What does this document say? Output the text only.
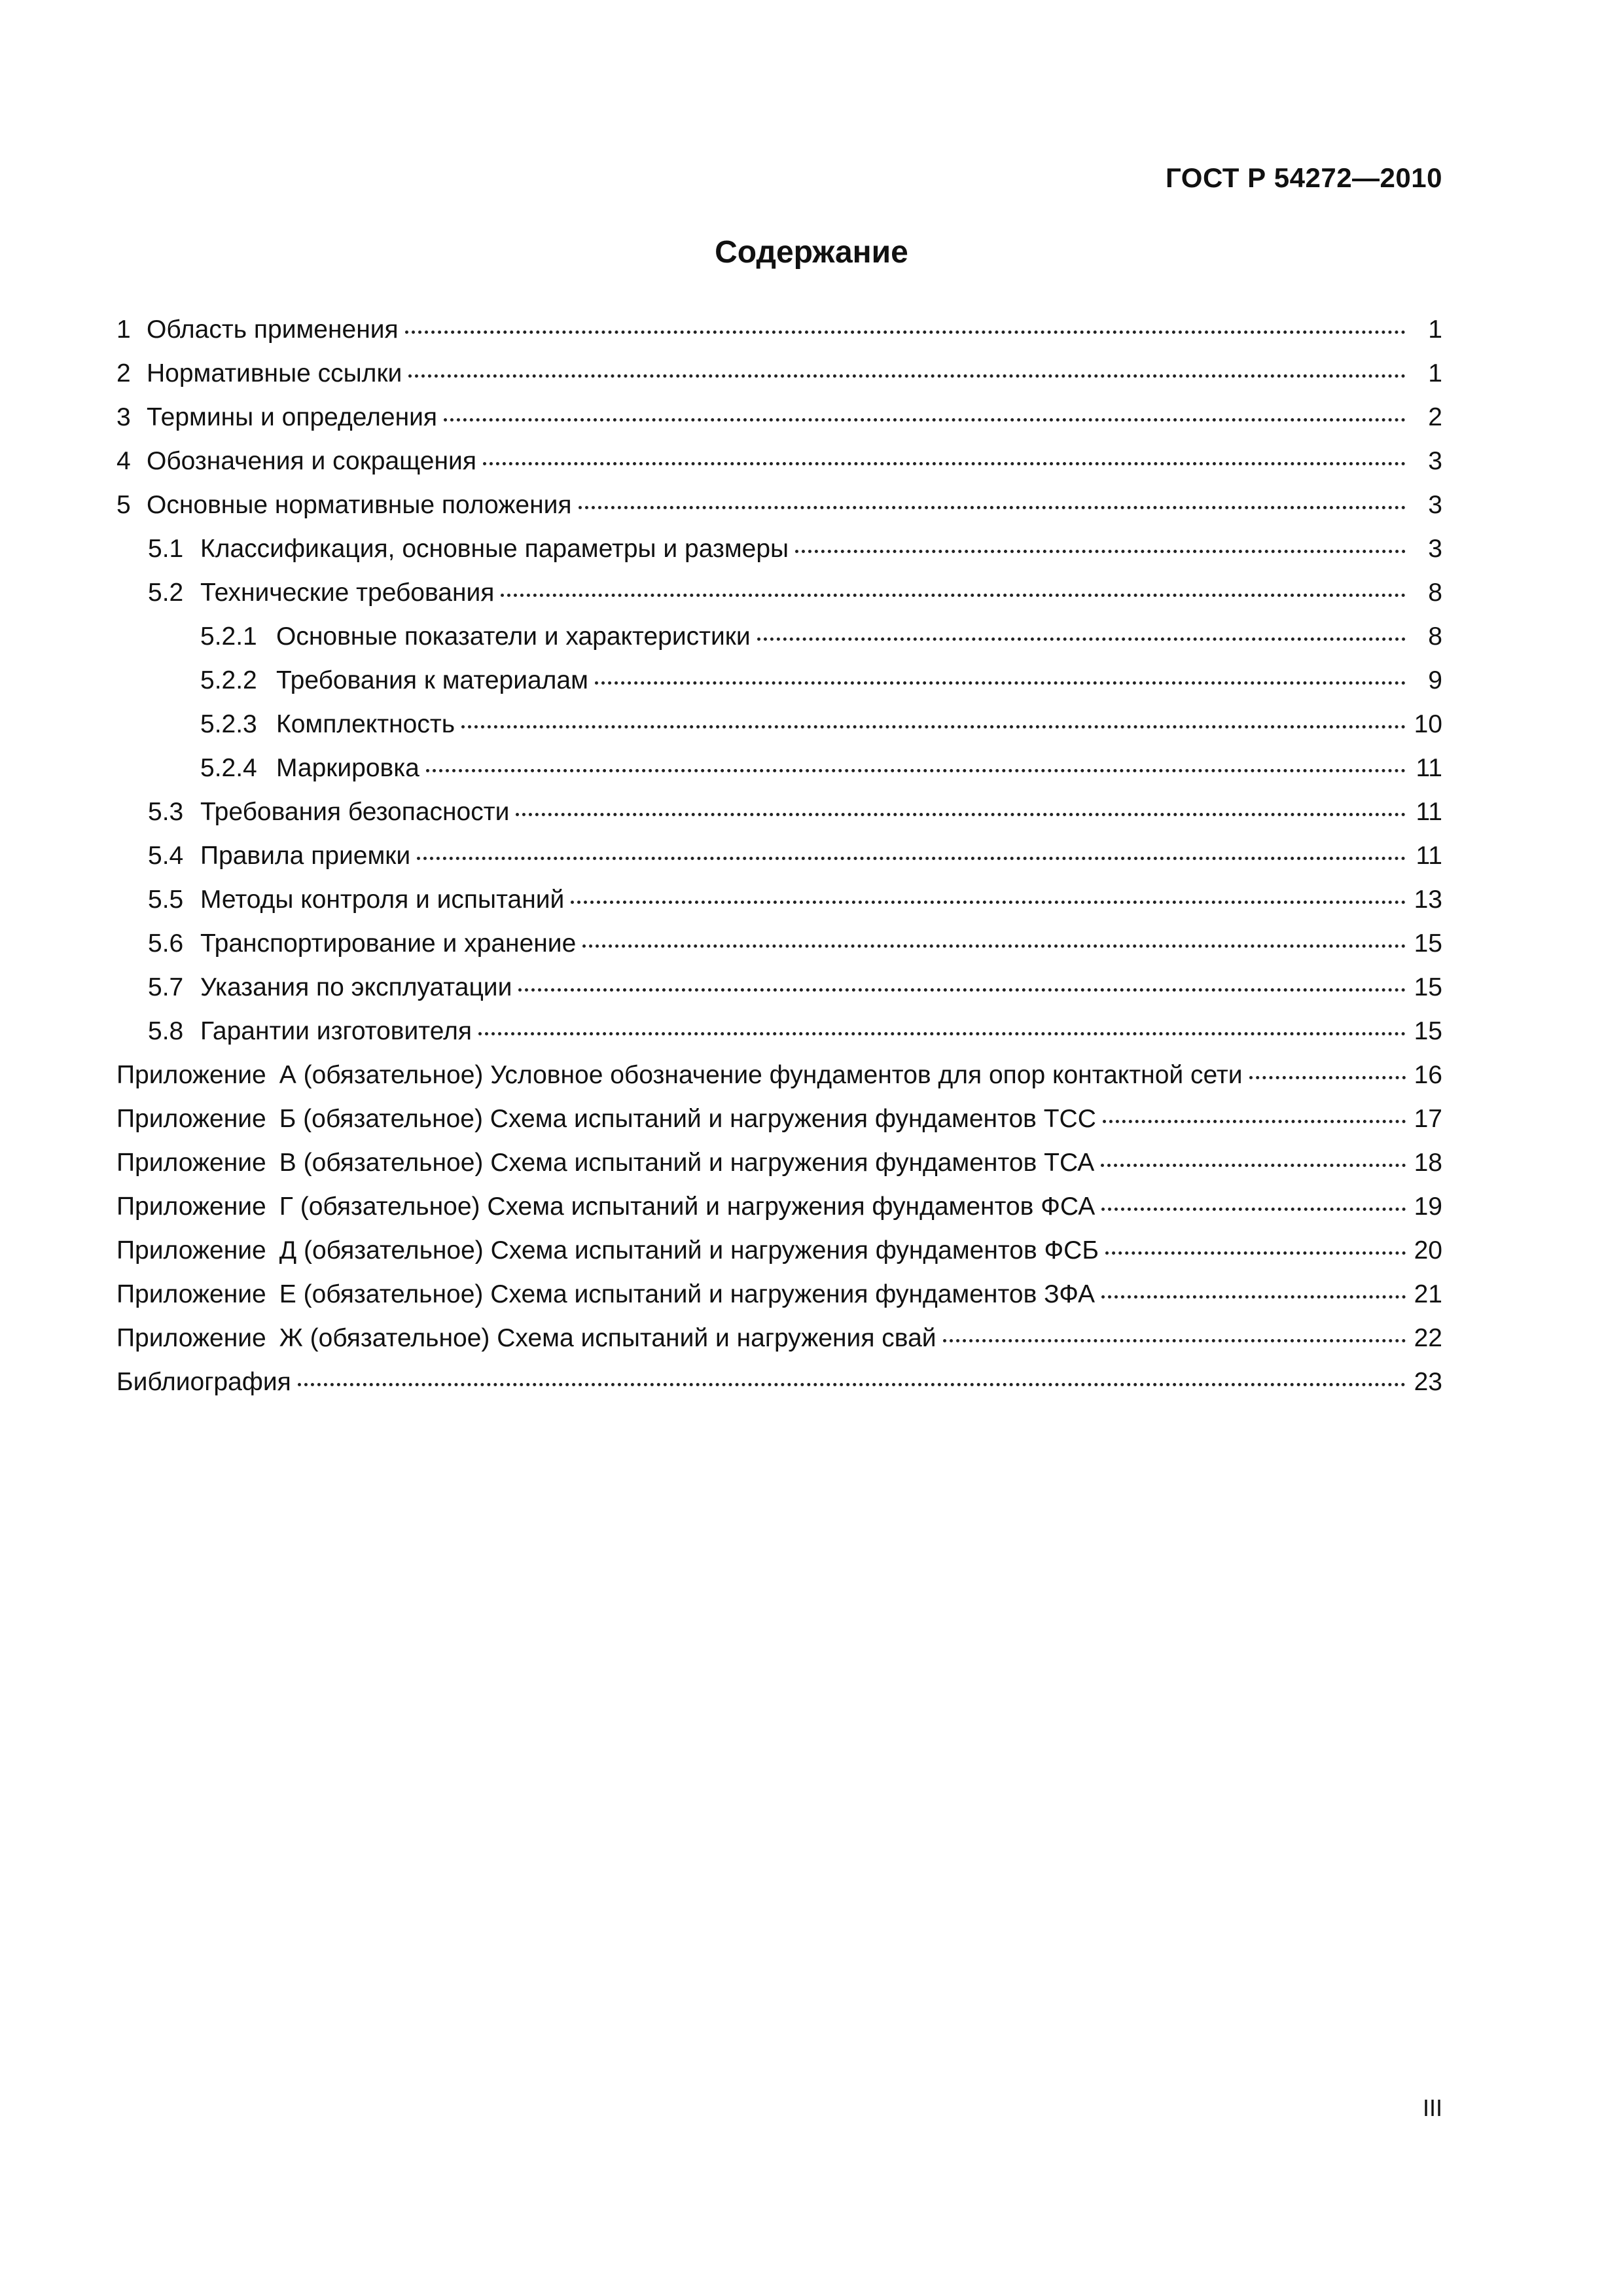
ГОСТ Р 54272—2010
Содержание
1 Область применения	1
2 Нормативные ссылки	1
3 Термины и определения	2
4 Обозначения и сокращения	3
5 Основные нормативные положения	3
5.1 Классификация, основные параметры и размеры	3
5.2 Технические требования	8
5.2.1 Основные показатели и характеристики	8
5.2.2 Требования к материалам	9
5.2.3 Комплектность	10
5.2.4 Маркировка	11
5.3 Требования безопасности	11
5.4 Правила приемки	11
5.5 Методы контроля и испытаний	13
5.6 Транспортирование и хранение	15
5.7 Указания по эксплуатации	15
5.8 Гарантии изготовителя	15
Приложение А (обязательное) Условное обозначение фундаментов для опор контактной сети	16
Приложение Б (обязательное) Схема испытаний и нагружения фундаментов ТСС	17
Приложение В (обязательное) Схема испытаний и нагружения фундаментов ТСА	18
Приложение Г (обязательное) Схема испытаний и нагружения фундаментов ФСА	19
Приложение Д (обязательное) Схема испытаний и нагружения фундаментов ФСБ	20
Приложение Е (обязательное) Схема испытаний и нагружения фундаментов ЗФА	21
Приложение Ж (обязательное) Схема испытаний и нагружения свай	22
Библиография	23
III
